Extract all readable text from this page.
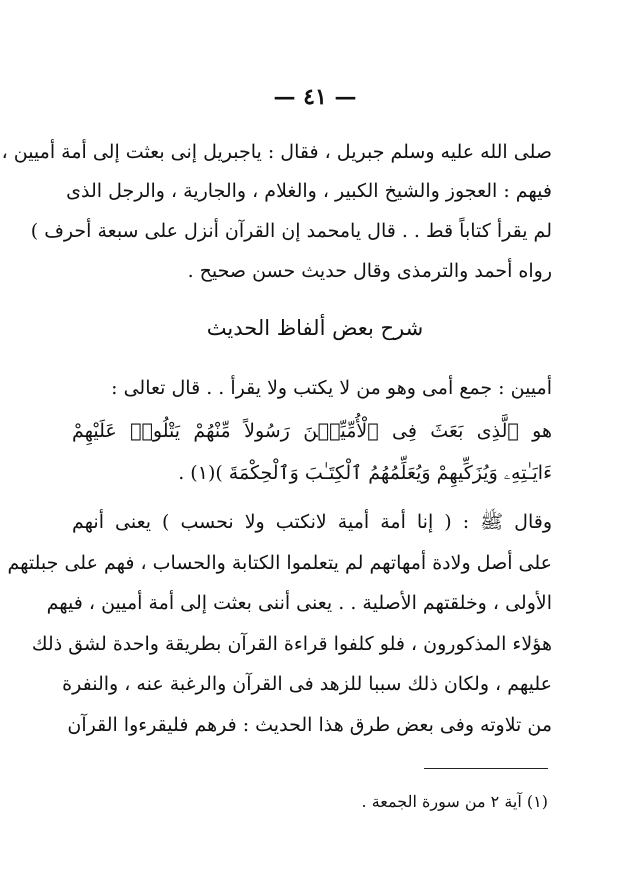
— ٤١ —
صلى الله عليه وسلم جبريل ، فقال : ياجبريل إنى بعثت إلى أمة أميين ،
فيهم : العجوز والشيخ الكبير ، والغلام ، والجارية ، والرجل الذى
لم يقرأ كتاباً قط . . قال يامحمد إن القرآن أنزل على سبعة أحرف )
رواه أحمد والترمذى وقال حديث حسن صحيح .
شرح بعض ألفاظ الحديث
أميين : جمع أمى وهو من لا يكتب ولا يقرأ . . قال تعالى :
هو ٱلَّذِى بَعَثَ فِى ٱلْأُمِّيِّـۧنَ رَسُولاً مِّنْهُمْ يَتْلُوا۟ عَلَيْهِمْ
ءَايَـٰتِهِۦ وَيُزَكِّيهِمْ وَيُعَلِّمُهُمُ ٱلْكِتَـٰبَ وَٱلْحِكْمَةَ )(١) .
وقال ﷺ : ( إنا أمة أمية لانكتب ولا نحسب ) يعنى أنهم
على أصل ولادة أمهاتهم لم يتعلموا الكتابة والحساب ، فهم على جبلتهم
الأولى ، وخلقتهم الأصلية . . يعنى أننى بعثت إلى أمة أميين ، فيهم
هؤلاء المذكورون ، فلو كلفوا قراءة القرآن بطريقة واحدة لشق ذلك
عليهم ، ولكان ذلك سببا للزهد فى القرآن والرغبة عنه ، والنفرة
من تلاوته وفى بعض طرق هذا الحديث : فرهم فليقرءوا القرآن
(١) آية ٢ من سورة الجمعة .
